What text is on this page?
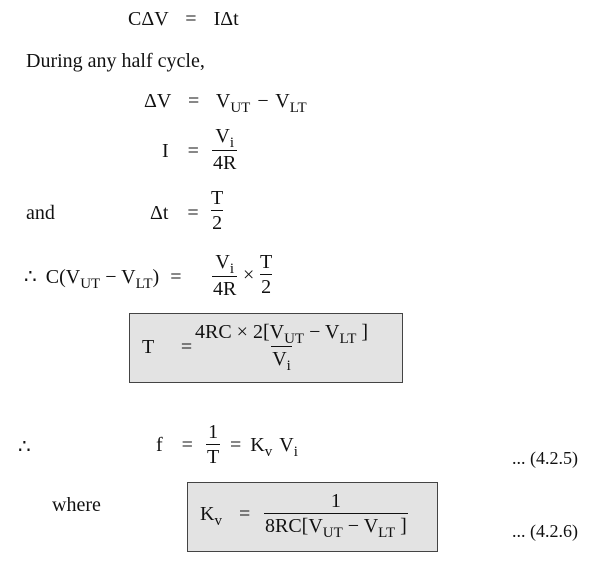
CΔV = IΔt
During any half cycle,
$\Delta V = V_{UT} - V_{LT}$
$I = \frac{V_i}{4R}$
and	$\Delta t = \frac{T}{2}$
∴ $C(V_{UT} - V_{LT}) = \frac{V_i}{4R} \times \frac{T}{2}$
T =
$4RC \times 2[V_{UT} - V_{LT}$ ]
$V_i$
∴	$f = \frac{1}{T} = K_v$ $V_i$	... (4.2.5)
where	$K_v$ =
1
$8RC[V_{UT} - V_{LT}$ ]	... (4.2.6)
